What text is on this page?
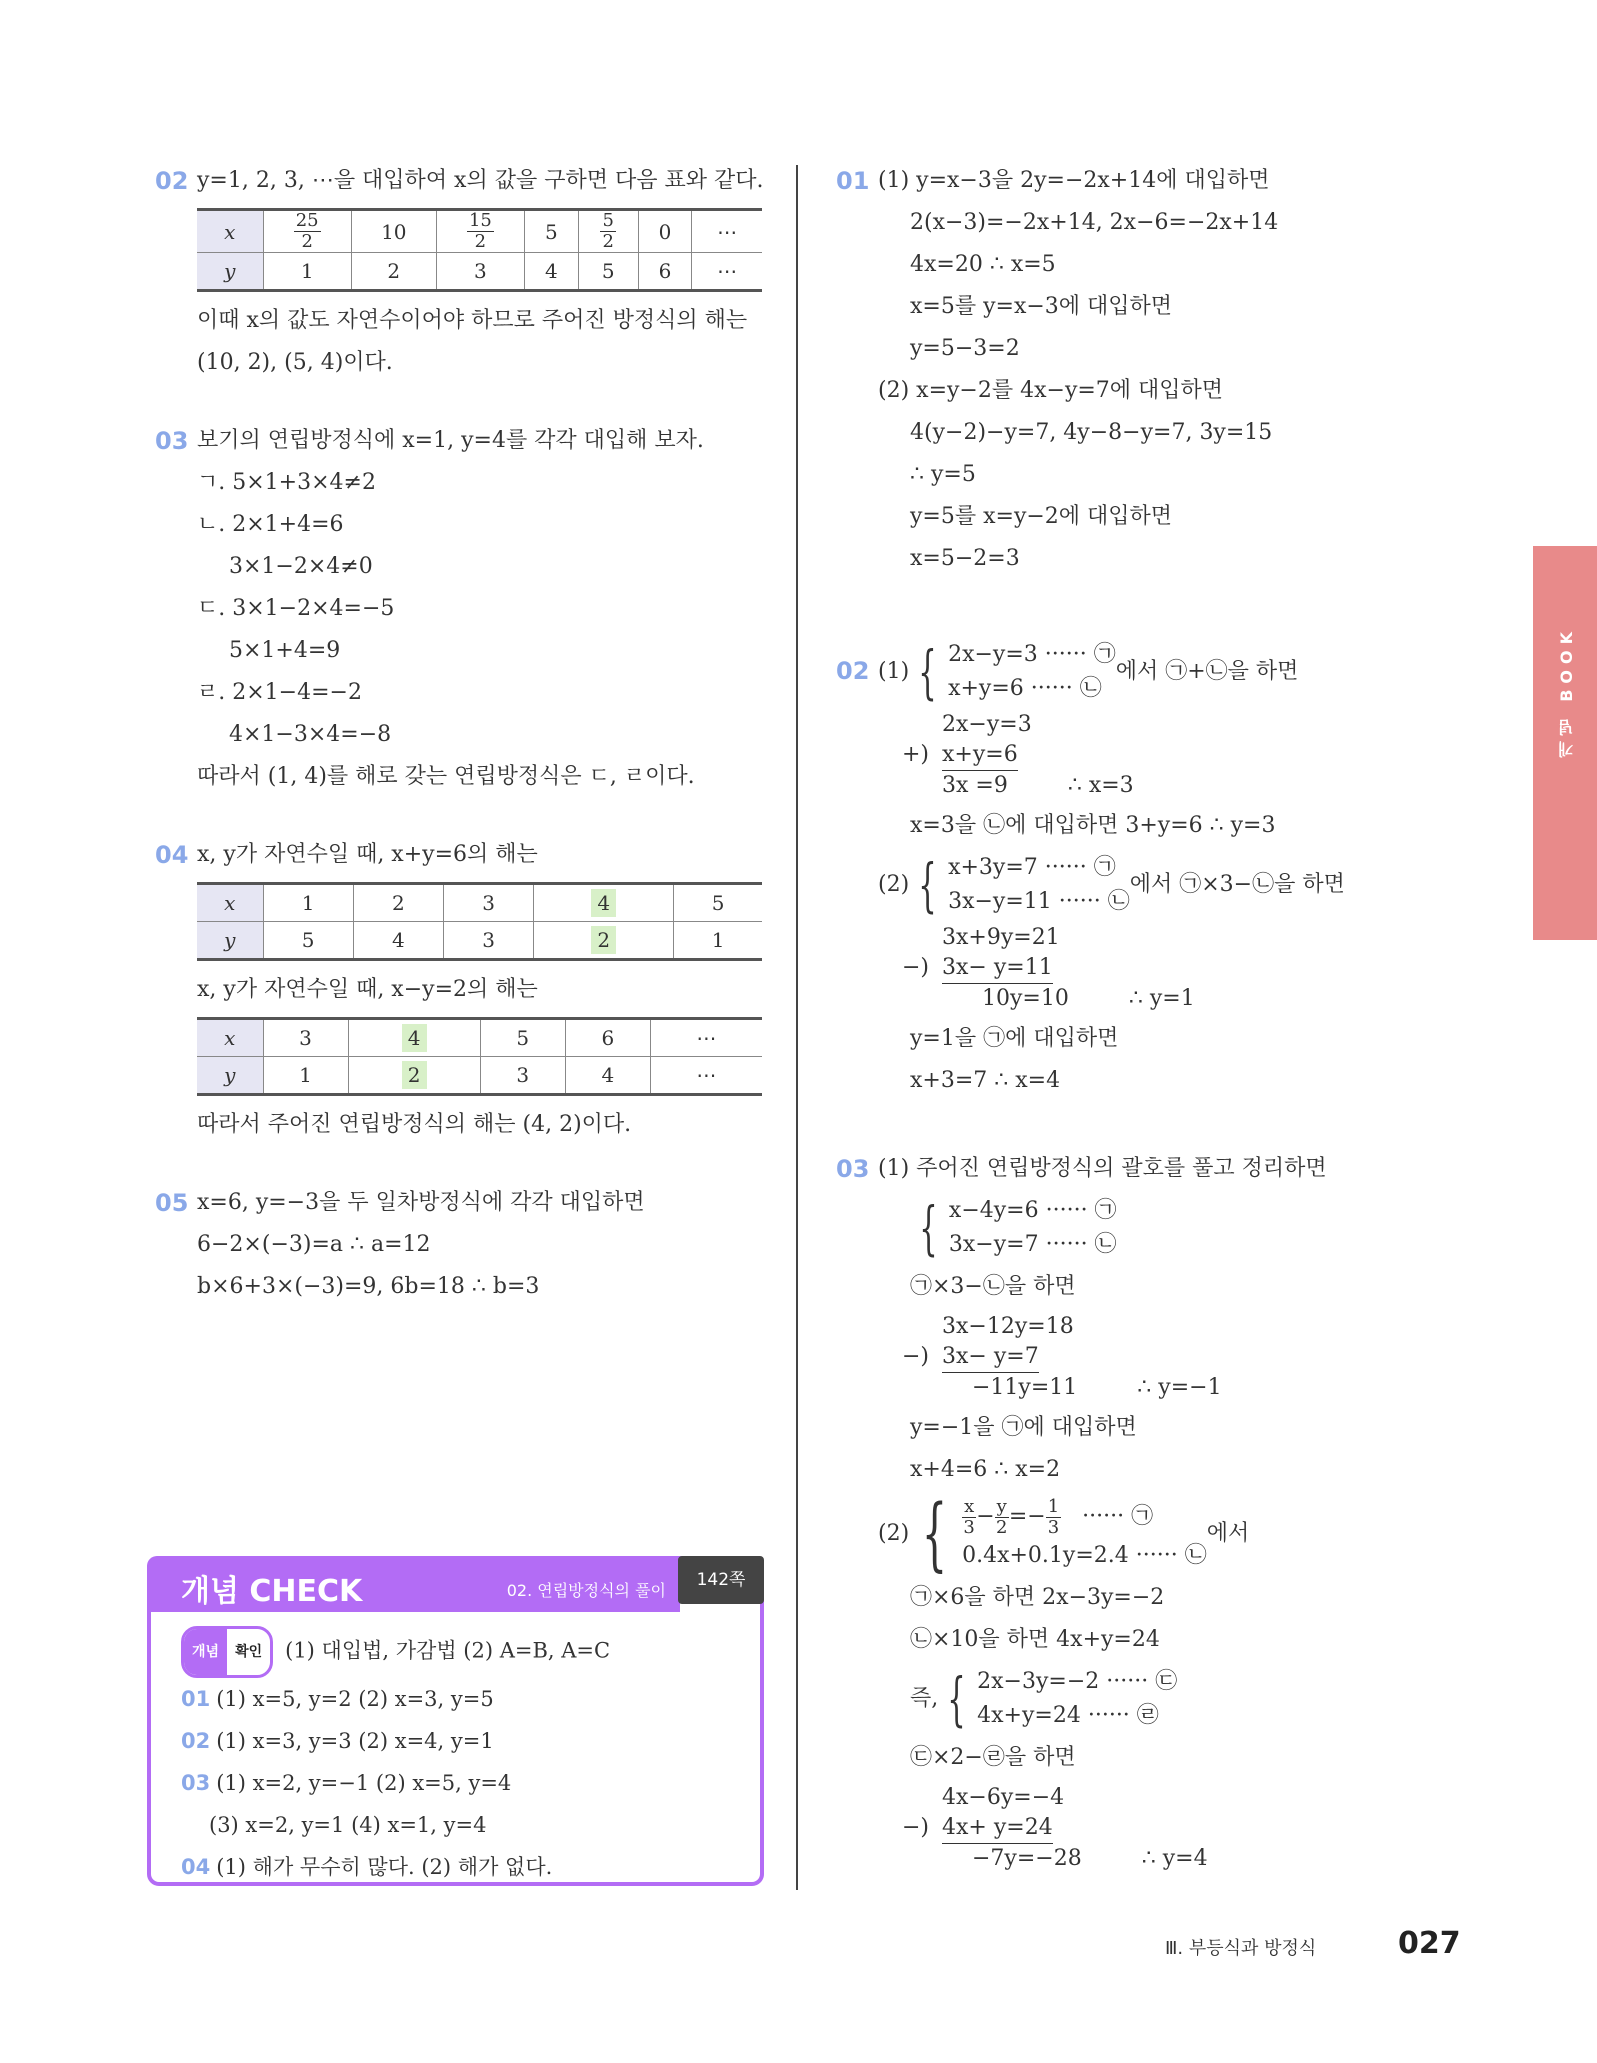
02 y=1, 2, 3, ⋯을 대입하여 x의 값을 구하면 다음 표와 같다.
x	$\frac{25}{2}$	10	$\frac{15}{2}$	5	$\frac{5}{2}$	0	⋯
y	1	2	3	4	5	6	⋯
이때 x의 값도 자연수이어야 하므로 주어진 방정식의 해는
(10, 2), (5, 4)이다.
03 보기의 연립방정식에 x=1, y=4를 각각 대입해 보자.
ㄱ. 5×1+3×4≠2
ㄴ. 2×1+4=6
3×1−2×4≠0
ㄷ. 3×1−2×4=−5
5×1+4=9
ㄹ. 2×1−4=−2
4×1−3×4=−8
따라서 (1, 4)를 해로 갖는 연립방정식은 ㄷ, ㄹ이다.
04 x, y가 자연수일 때, x+y=6의 해는
x	1	2	3	4	5
y	5	4	3	2	1
x, y가 자연수일 때, x−y=2의 해는
x	3	4	5	6	⋯
y	1	2	3	4	⋯
따라서 주어진 연립방정식의 해는 (4, 2)이다.
05 x=6, y=−3을 두 일차방정식에 각각 대입하면
6−2×(−3)=a ∴ a=12
b×6+3×(−3)=9, 6b=18 ∴ b=3
개념 CHECK	02. 연립방정식의 풀이
개념	확인	(1) 대입법, 가감법 (2) A=B, A=C
01 (1) x=5, y=2 (2) x=3, y=5
02 (1) x=3, y=3 (2) x=4, y=1
03 (1) x=2, y=−1 (2) x=5, y=4
(3) x=2, y=1 (4) x=1, y=4
04 (1) 해가 무수히 많다. (2) 해가 없다.
142쪽
01 (1) y=x−3을 2y=−2x+14에 대입하면
2(x−3)=−2x+14, 2x−6=−2x+14
4x=20 ∴ x=5
x=5를 y=x−3에 대입하면
y=5−3=2
(2) x=y−2를 4x−y=7에 대입하면
4(y−2)−y=7, 4y−8−y=7, 3y=15
∴ y=5
y=5를 x=y−2에 대입하면
x=5−2=3
02 (1) { 2x−y=3 ······ ㉠
x+y=6 ······ ㉡
에서 ㉠+㉡을 하면
2x−y=3
+) x+y=6
3x =9	∴ x=3
x=3을 ㉡에 대입하면 3+y=6 ∴ y=3
(2) { x+3y=7 ······ ㉠
3x−y=11 ······ ㉡
에서 ㉠×3−㉡을 하면
3x+9y=21
−) 3x− y=11
10y=10	∴ y=1
y=1을 ㉠에 대입하면
x+3=7 ∴ x=4
03 (1) 주어진 연립방정식의 괄호를 풀고 정리하면
{ x−4y=6 ······ ㉠
3x−y=7 ······ ㉡
㉠×3−㉡을 하면
3x−12y=18
−) 3x− y=7
−11y=11	∴ y=−1
y=−1을 ㉠에 대입하면
x+4=6 ∴ x=2
(2) { $\frac{x}{3} - \frac{y}{2} =- \frac{1}{3}$ ······ ㉠
0.4x+0.1y=2.4 ······ ㉡
에서
㉠×6을 하면 2x−3y=−2
㉡×10을 하면 4x+y=24
즉, { 2x−3y=−2 ······ ㉢
4x+y=24 ······ ㉣
㉢×2−㉣을 하면
4x−6y=−4
−) 4x+ y=24
−7y=−28	∴ y=4
개념 BOOK
Ⅲ. 부등식과 방정식	027
